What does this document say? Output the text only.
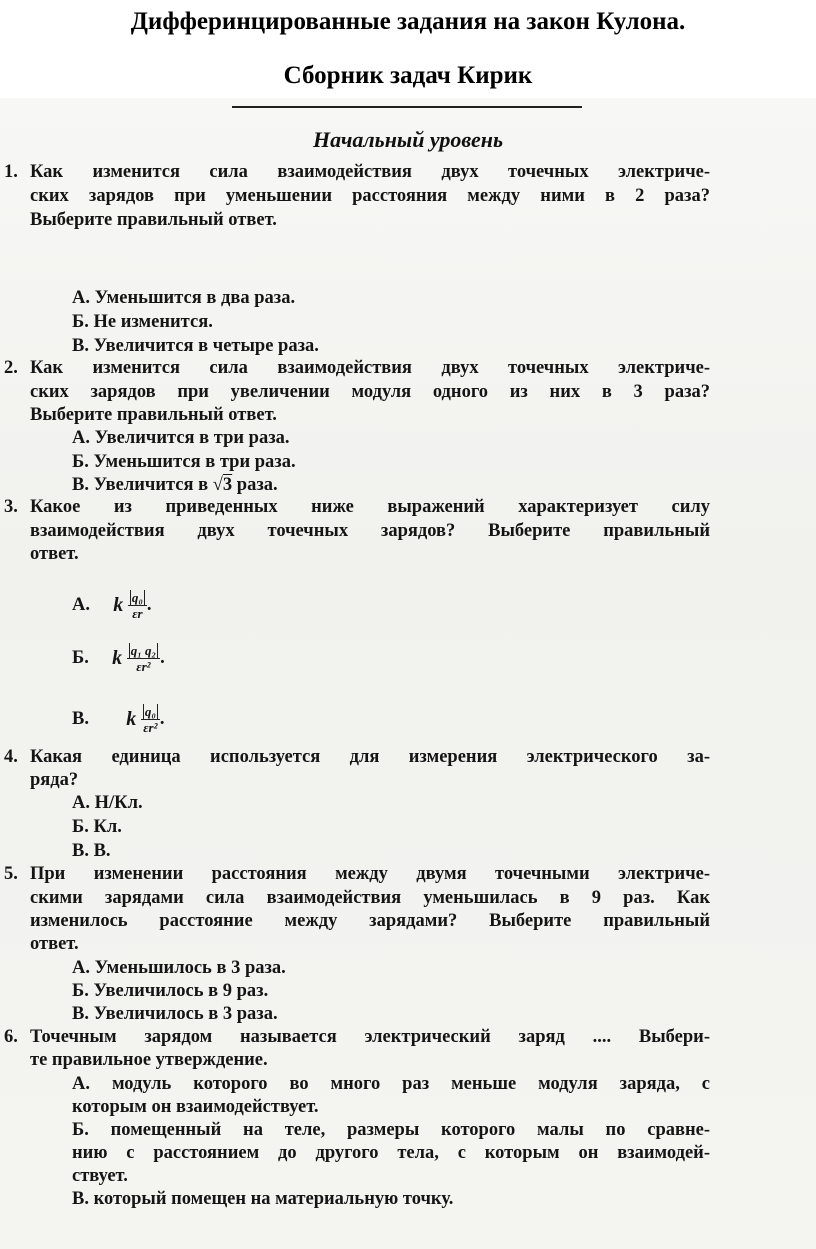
Дифферинцированные задания на закон Кулона.
Сборник задач Кирик
Начальный уровень
1. Как изменится сила взаимодействия двух точечных электриче-
ских зарядов при уменьшении расстояния между ними в 2 раза?
Выберите правильный ответ.
А. Уменьшится в два раза.
Б. Не изменится.
В. Увеличится в четыре раза.
2. Как изменится сила взаимодействия двух точечных электриче-
ских зарядов при увеличении модуля одного из них в 3 раза?
Выберите правильный ответ.
А. Увеличится в три раза.
Б. Уменьшится в три раза.
В. Увеличится в √3 раза.
3. Какое из приведенных ниже выражений характеризует силу
взаимодействия двух точечных зарядов? Выберите правильный
ответ.
А. k $\frac{\text{q₀}}{\varepsilon r}$ .
Б. k $\frac{\text{q₁ q₂}}{\text{εr²}}$ .
В. k $\frac{\text{q₀}}{\text{εr²}}$ .
4. Какая единица используется для измерения электрического за-
ряда?
А. Н/Кл.
Б. Кл.
В. В.
5. При изменении расстояния между двумя точечными электриче-
скими зарядами сила взаимодействия уменьшилась в 9 раз. Как
изменилось расстояние между зарядами? Выберите правильный
ответ.
А. Уменьшилось в 3 раза.
Б. Увеличилось в 9 раз.
В. Увеличилось в 3 раза.
6. Точечным зарядом называется электрический заряд .... Выбери-
те правильное утверждение.
А. модуль которого во много раз меньше модуля заряда, с
которым он взаимодействует.
Б. помещенный на теле, размеры которого малы по сравне-
нию с расстоянием до другого тела, с которым он взаимодей-
ствует.
В. который помещен на материальную точку.
